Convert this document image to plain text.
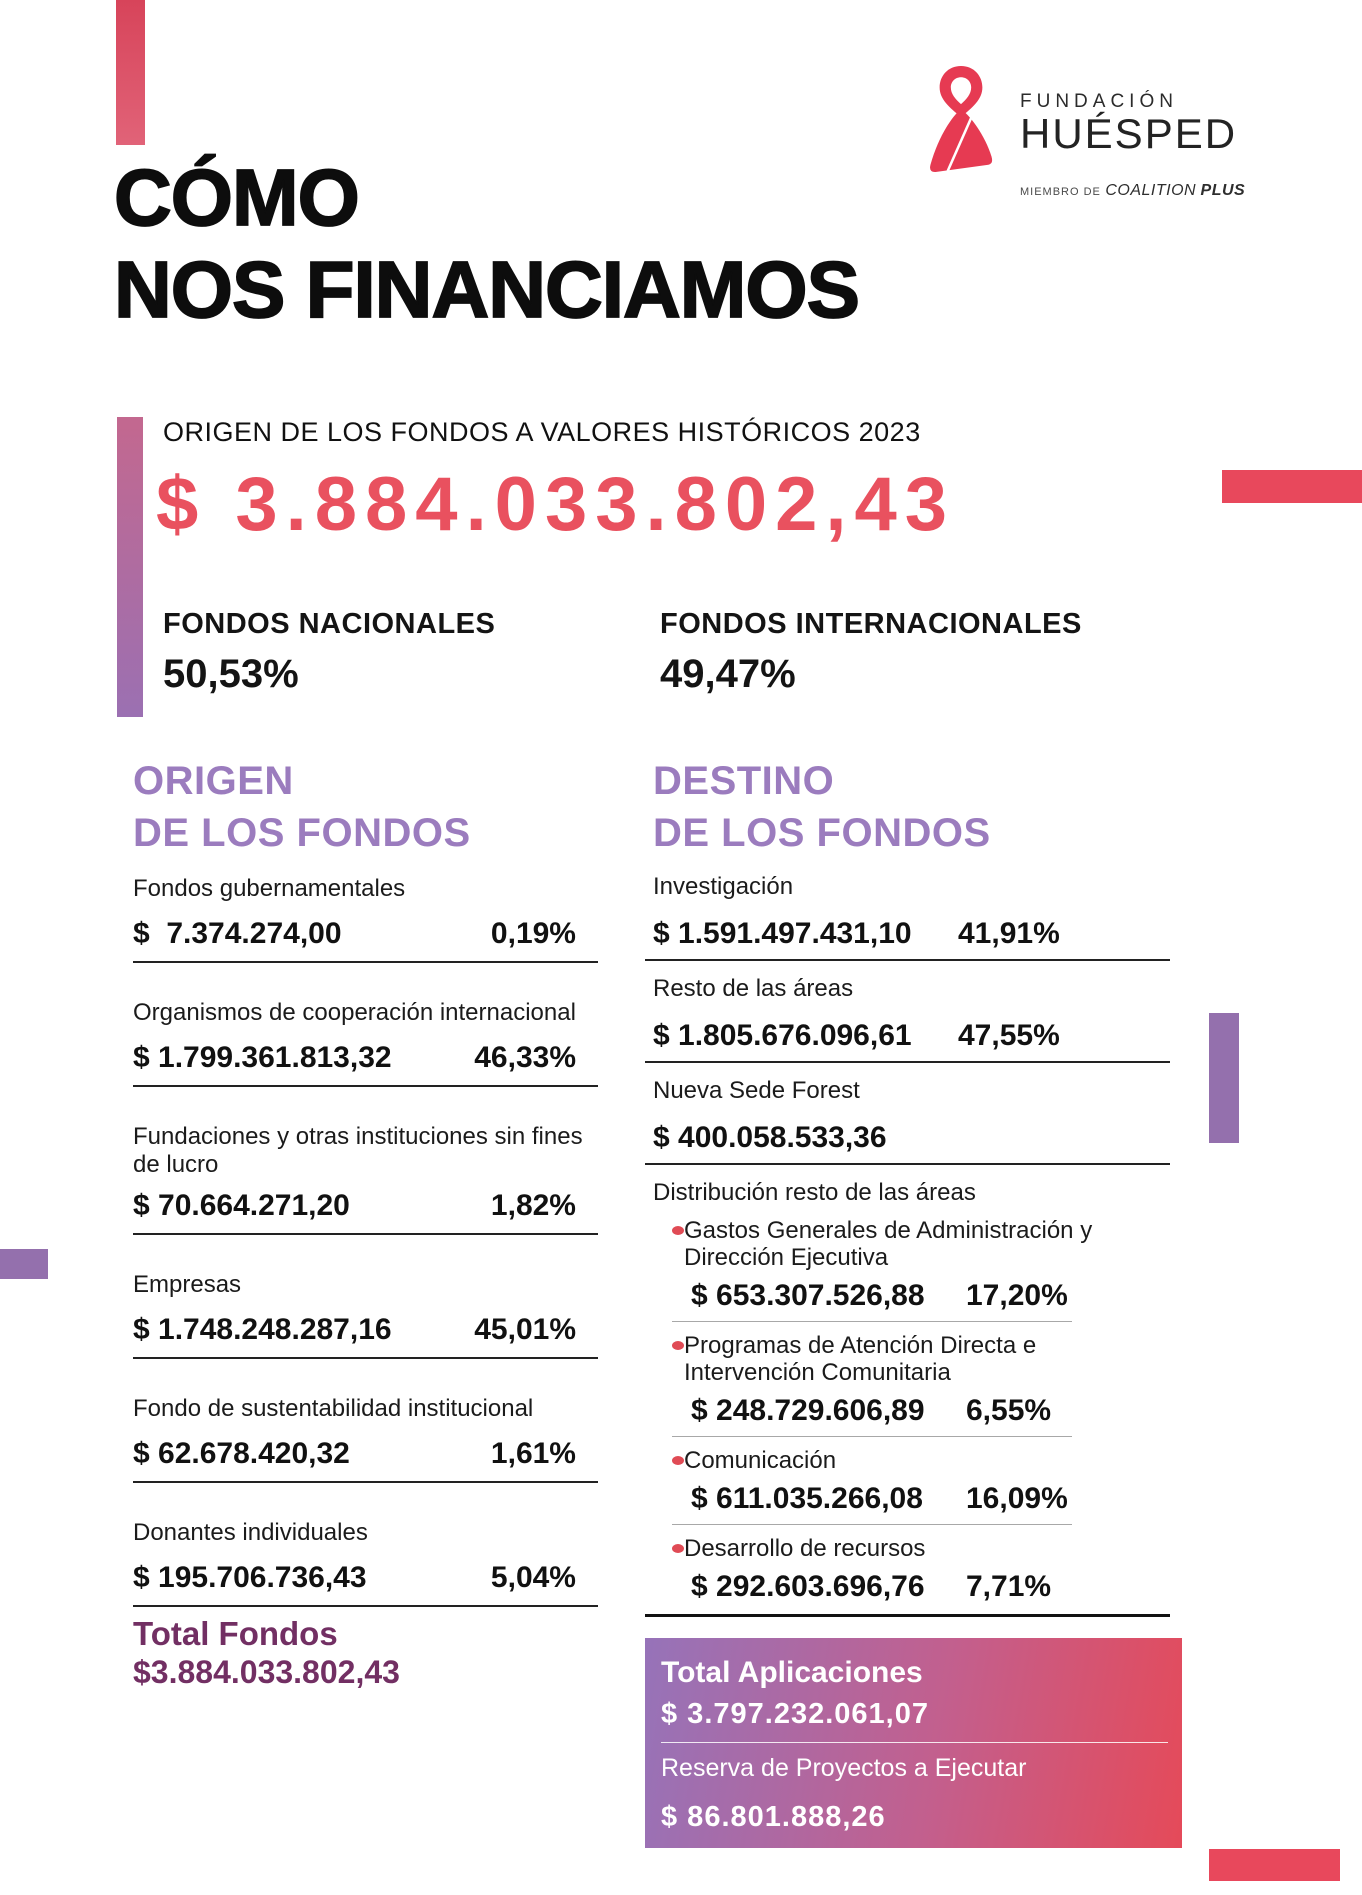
FUNDACIÓN
HUÉSPED
MIEMBRO DE COALITION PLUS
CÓMO
NOS FINANCIAMOS
ORIGEN DE LOS FONDOS A VALORES HISTÓRICOS 2023
$ 3.884.033.802,43
FONDOS NACIONALES
50,53%
FONDOS INTERNACIONALES
49,47%
ORIGEN
DE LOS FONDOS
Fondos gubernamentales
$  7.374.274,00	0,19%
Organismos de cooperación internacional
$ 1.799.361.813,32	46,33%
Fundaciones y otras instituciones sin fines de lucro
$ 70.664.271,20	1,82%
Empresas
$ 1.748.248.287,16	45,01%
Fondo de sustentabilidad institucional
$ 62.678.420,32	1,61%
Donantes individuales
$ 195.706.736,43	5,04%
Total Fondos
$3.884.033.802,43
DESTINO
DE LOS FONDOS
Investigación
$ 1.591.497.431,10	41,91%
Resto de las áreas
$ 1.805.676.096,61	47,55%
Nueva Sede Forest
$ 400.058.533,36
Distribución resto de las áreas
Gastos Generales de Administración y Dirección Ejecutiva
$ 653.307.526,88	17,20%
Programas de Atención Directa e Intervención Comunitaria
$ 248.729.606,89	6,55%
Comunicación
$ 611.035.266,08	16,09%
Desarrollo de recursos
$ 292.603.696,76	7,71%
Total Aplicaciones
$ 3.797.232.061,07
Reserva de Proyectos a Ejecutar
$ 86.801.888,26
